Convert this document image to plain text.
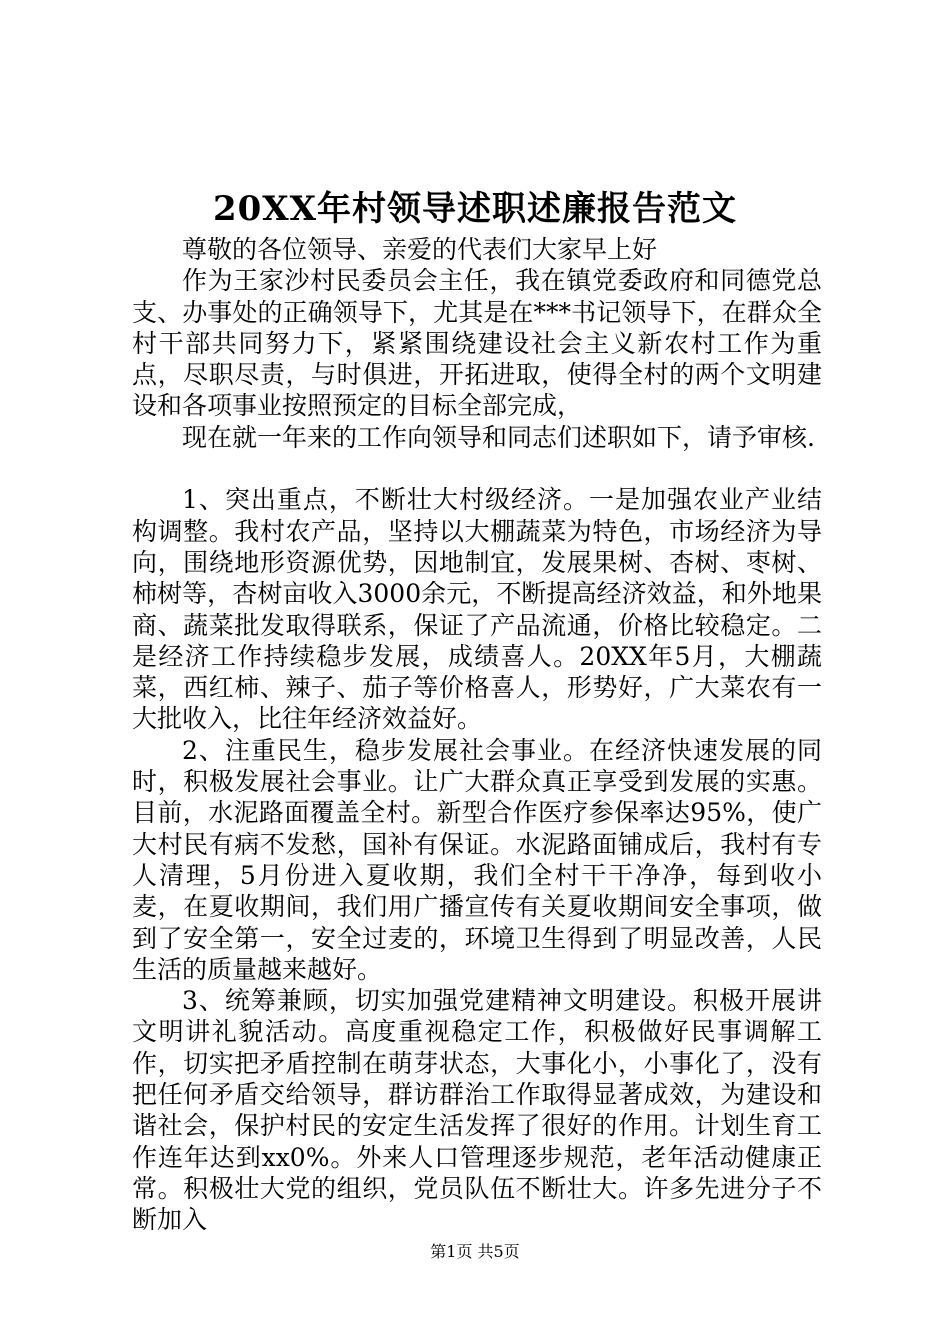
20XX年村领导述职述廉报告范文

尊敬的各位领导、亲爱的代表们大家早上好

作为王家沙村民委员会主任，我在镇党委政府和同德党总支、办事处的正确领导下，尤其是在***书记领导下，在群众全村干部共同努力下，紧紧围绕建设社会主义新农村工作为重点，尽职尽责，与时俱进，开拓进取，使得全村的两个文明建设和各项事业按照预定的目标全部完成，

现在就一年来的工作向领导和同志们述职如下，请予审核.

1、突出重点，不断壮大村级经济。一是加强农业产业结构调整。我村农产品，坚持以大棚蔬菜为特色，市场经济为导向，围绕地形资源优势，因地制宜，发展果树、杏树、枣树、柿树等，杏树亩收入3000余元，不断提高经济效益，和外地果商、蔬菜批发取得联系，保证了产品流通，价格比较稳定。二是经济工作持续稳步发展，成绩喜人。20XX年5月，大棚蔬菜，西红柿、辣子、茄子等价格喜人，形势好，广大菜农有一大批收入，比往年经济效益好。

2、注重民生，稳步发展社会事业。在经济快速发展的同时，积极发展社会事业。让广大群众真正享受到发展的实惠。目前，水泥路面覆盖全村。新型合作医疗参保率达95%，使广大村民有病不发愁，国补有保证。水泥路面铺成后，我村有专人清理，5月份进入夏收期，我们全村干干净净，每到收小麦，在夏收期间，我们用广播宣传有关夏收期间安全事项，做到了安全第一，安全过麦的，环境卫生得到了明显改善，人民生活的质量越来越好。

3、统筹兼顾，切实加强党建精神文明建设。积极开展讲文明讲礼貌活动。高度重视稳定工作，积极做好民事调解工作，切实把矛盾控制在萌芽状态，大事化小，小事化了，没有把任何矛盾交给领导，群访群治工作取得显著成效，为建设和谐社会，保护村民的安定生活发挥了很好的作用。计划生育工作连年达到xx0%。外来人口管理逐步规范，老年活动健康正常。积极壮大党的组织，党员队伍不断壮大。许多先进分子不断加入

第1页 共5页
